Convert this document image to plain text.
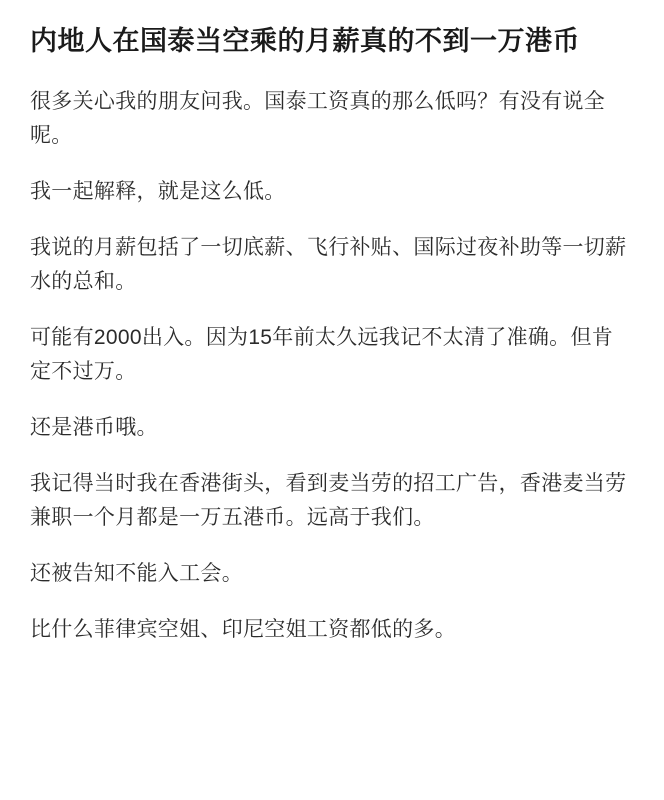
内地人在国泰当空乘的月薪真的不到一万港币

很多关心我的朋友问我。国泰工资真的那么低吗？有没有说全呢。

我一起解释，就是这么低。

我说的月薪包括了一切底薪、飞行补贴、国际过夜补助等一切薪水的总和。

可能有2000出入。因为15年前太久远我记不太清了准确。但肯定不过万。

还是港币哦。

我记得当时我在香港街头，看到麦当劳的招工广告，香港麦当劳兼职一个月都是一万五港币。远高于我们。

还被告知不能入工会。

比什么菲律宾空姐、印尼空姐工资都低的多。
